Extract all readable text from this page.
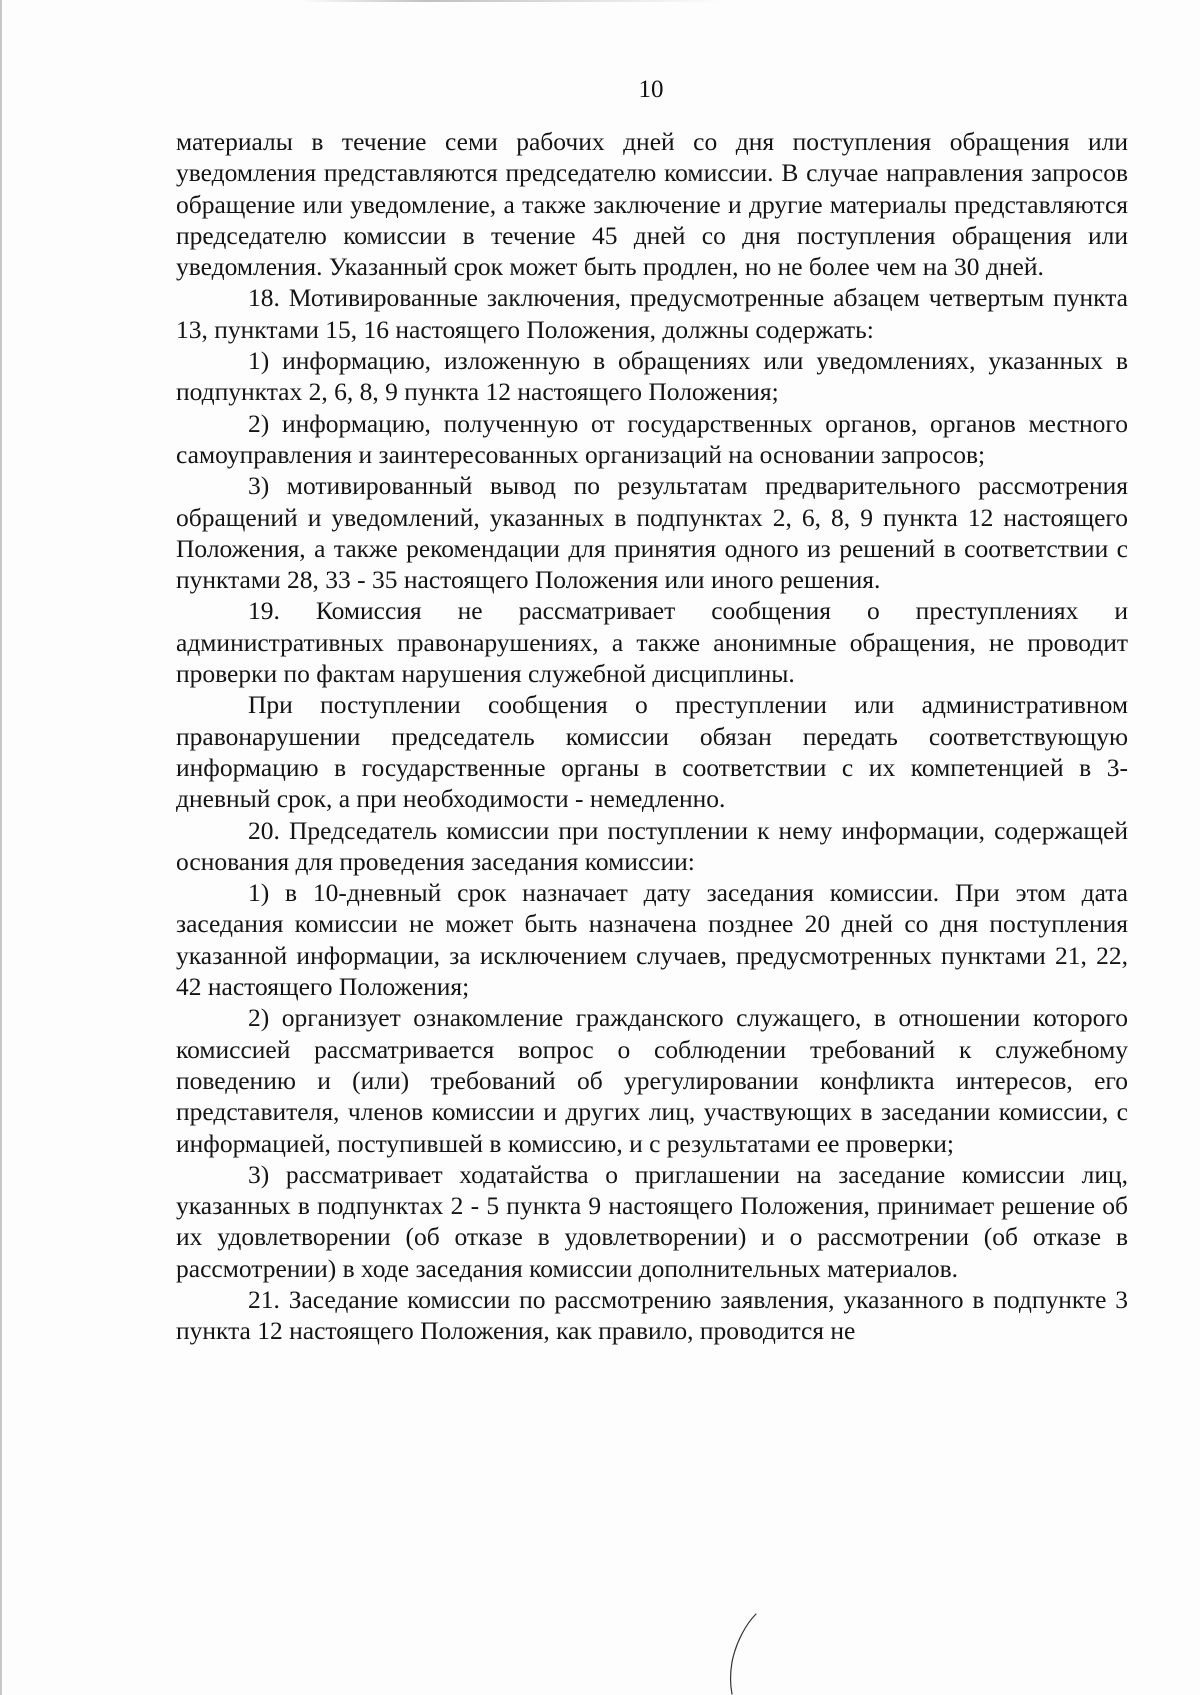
10

материалы в течение семи рабочих дней со дня поступления обращения или уведомления представляются председателю комиссии. В случае направления запросов обращение или уведомление, а также заключение и другие материалы представляются председателю комиссии в течение 45 дней со дня поступления обращения или уведомления. Указанный срок может быть продлен, но не более чем на 30 дней.

18. Мотивированные заключения, предусмотренные абзацем четвертым пункта 13, пунктами 15, 16 настоящего Положения, должны содержать:

1) информацию, изложенную в обращениях или уведомлениях, указанных в подпунктах 2, 6, 8, 9 пункта 12 настоящего Положения;

2) информацию, полученную от государственных органов, органов местного самоуправления и заинтересованных организаций на основании запросов;

3) мотивированный вывод по результатам предварительного рассмотрения обращений и уведомлений, указанных в подпунктах 2, 6, 8, 9 пункта 12 настоящего Положения, а также рекомендации для принятия одного из решений в соответствии с пунктами 28, 33 - 35 настоящего Положения или иного решения.

19. Комиссия не рассматривает сообщения о преступлениях и административных правонарушениях, а также анонимные обращения, не проводит проверки по фактам нарушения служебной дисциплины.

При поступлении сообщения о преступлении или административном правонарушении председатель комиссии обязан передать соответствующую информацию в государственные органы в соответствии с их компетенцией в 3-дневный срок, а при необходимости - немедленно.

20. Председатель комиссии при поступлении к нему информации, содержащей основания для проведения заседания комиссии:

1) в 10-дневный срок назначает дату заседания комиссии. При этом дата заседания комиссии не может быть назначена позднее 20 дней со дня поступления указанной информации, за исключением случаев, предусмотренных пунктами 21, 22, 42 настоящего Положения;

2) организует ознакомление гражданского служащего, в отношении которого комиссией рассматривается вопрос о соблюдении требований к служебному поведению и (или) требований об урегулировании конфликта интересов, его представителя, членов комиссии и других лиц, участвующих в заседании комиссии, с информацией, поступившей в комиссию, и с результатами ее проверки;

3) рассматривает ходатайства о приглашении на заседание комиссии лиц, указанных в подпунктах 2 - 5 пункта 9 настоящего Положения, принимает решение об их удовлетворении (об отказе в удовлетворении) и о рассмотрении (об отказе в рассмотрении) в ходе заседания комиссии дополнительных материалов.

21. Заседание комиссии по рассмотрению заявления, указанного в подпункте 3 пункта 12 настоящего Положения, как правило, проводится не
